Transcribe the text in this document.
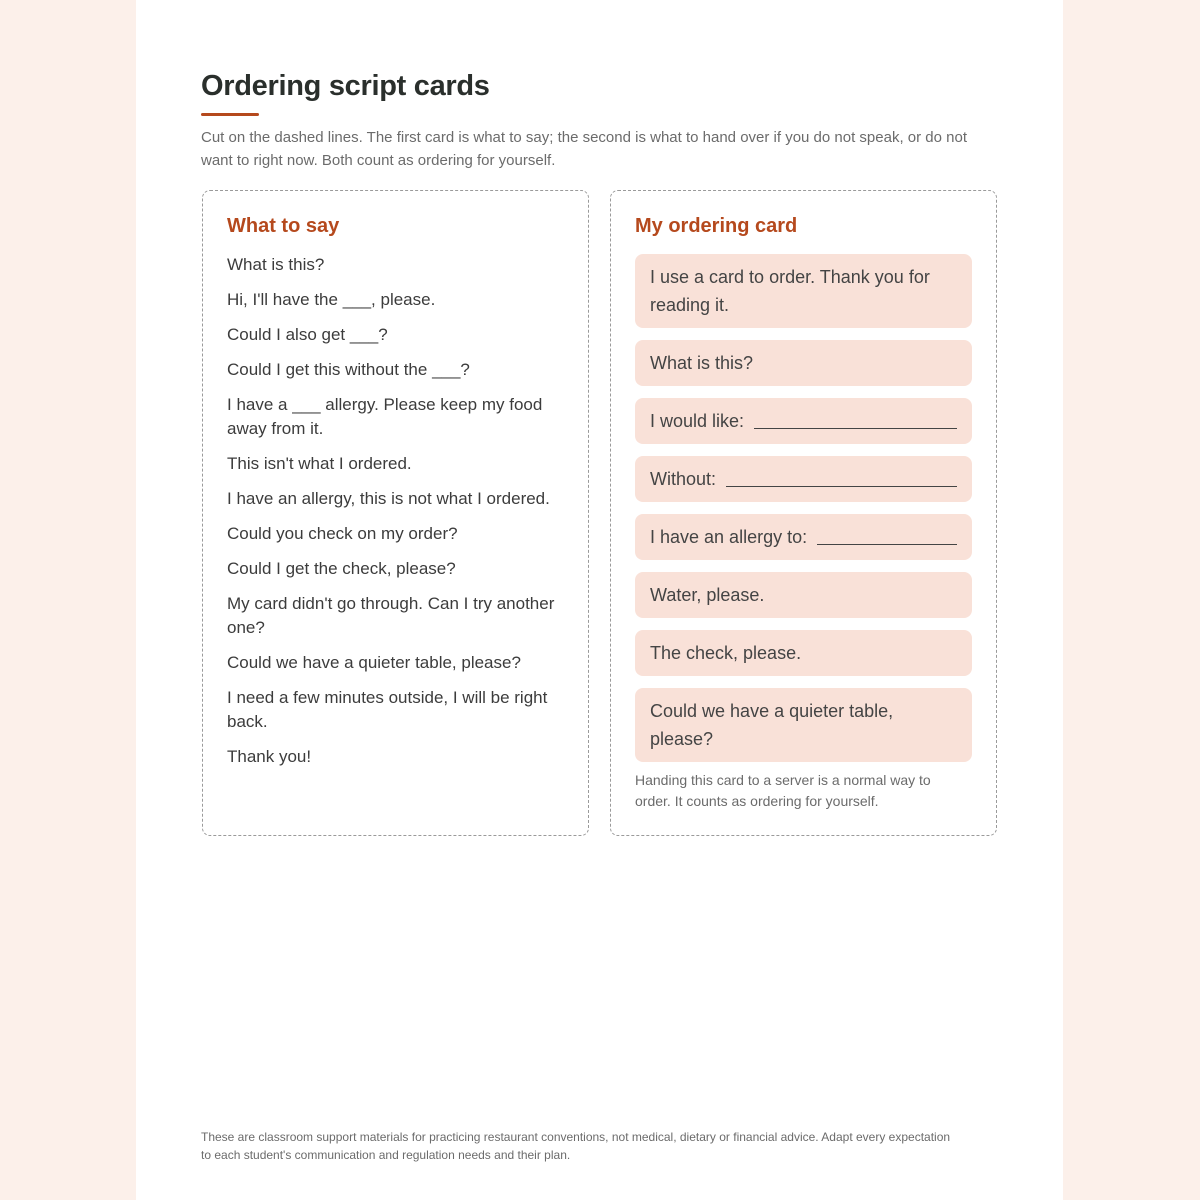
Ordering script cards

Cut on the dashed lines. The first card is what to say; the second is what to hand over if you do not speak, or do not want to right now. Both count as ordering for yourself.

What to say
What is this?
Hi, I'll have the ___, please.
Could I also get ___?
Could I get this without the ___?
I have a ___ allergy. Please keep my food away from it.
This isn't what I ordered.
I have an allergy, this is not what I ordered.
Could you check on my order?
Could I get the check, please?
My card didn't go through. Can I try another one?
Could we have a quieter table, please?
I need a few minutes outside, I will be right back.
Thank you!
My ordering card
I use a card to order. Thank you for reading it.
What is this?
I would like:
Without:
I have an allergy to:
Water, please.
The check, please.
Could we have a quieter table, please?

Handing this card to a server is a normal way to order. It counts as ordering for yourself.

These are classroom support materials for practicing restaurant conventions, not medical, dietary or financial advice. Adapt every expectation to each student's communication and regulation needs and their plan.
